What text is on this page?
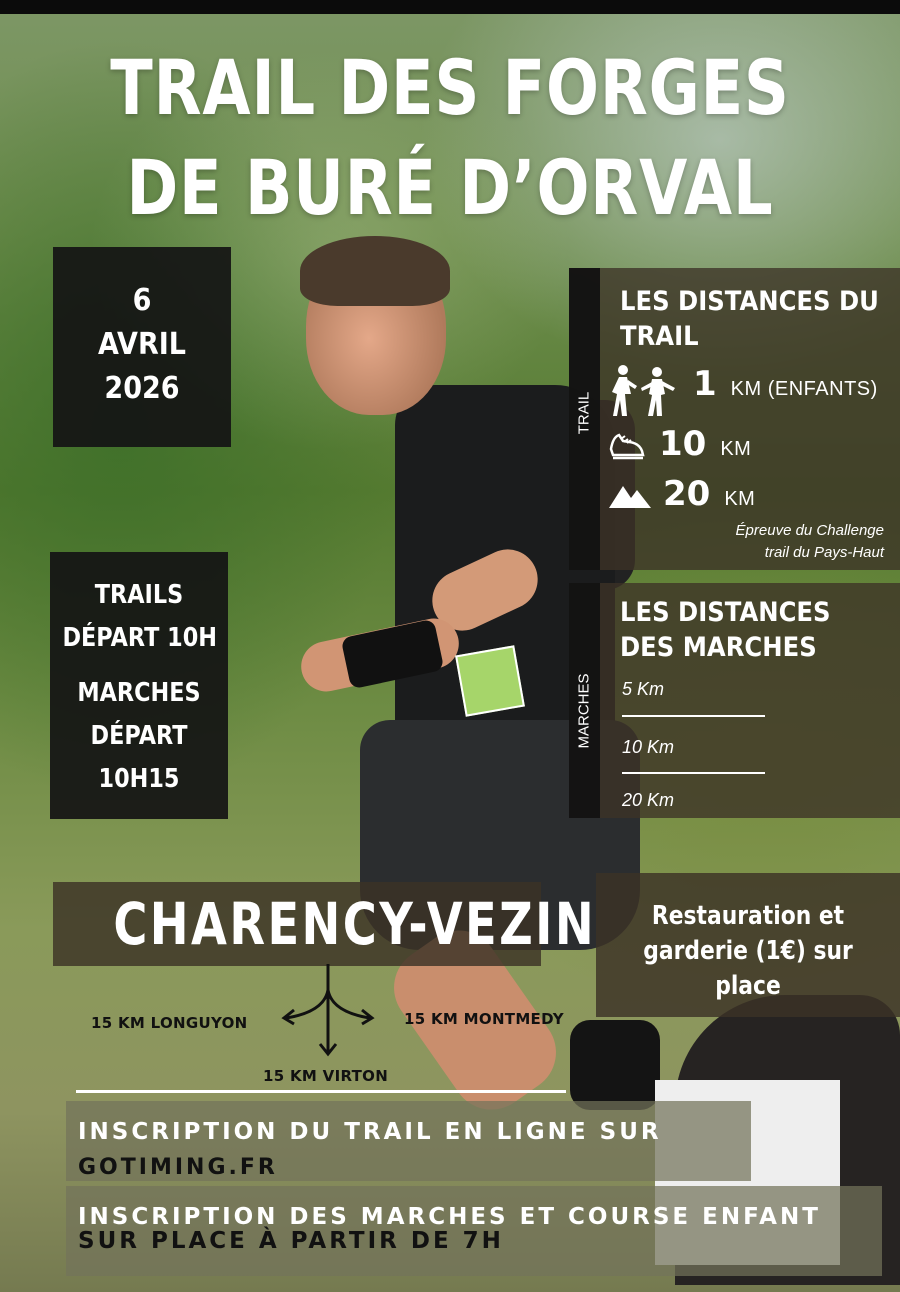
TRAIL DES FORGES
DE BURÉ D’ORVAL
6
AVRIL
2026
TRAILS
DÉPART 10H
MARCHES
DÉPART
10H15
TRAIL
LES DISTANCES DU
TRAIL
1 KM (ENFANTS)
10 KM
20 KM
Épreuve du Challenge
trail du Pays-Haut
MARCHES
LES DISTANCES
DES MARCHES
5 Km
10 Km
20 Km
CHARENCY-VEZIN	Restauration et
garderie (1€) sur
place
15 KM LONGUYON	15 KM MONTMEDY
15 KM VIRTON
INSCRIPTION DU TRAIL EN LIGNE SUR
GOTIMING.FR
INSCRIPTION DES MARCHES ET COURSE ENFANT
SUR PLACE À PARTIR DE 7H
